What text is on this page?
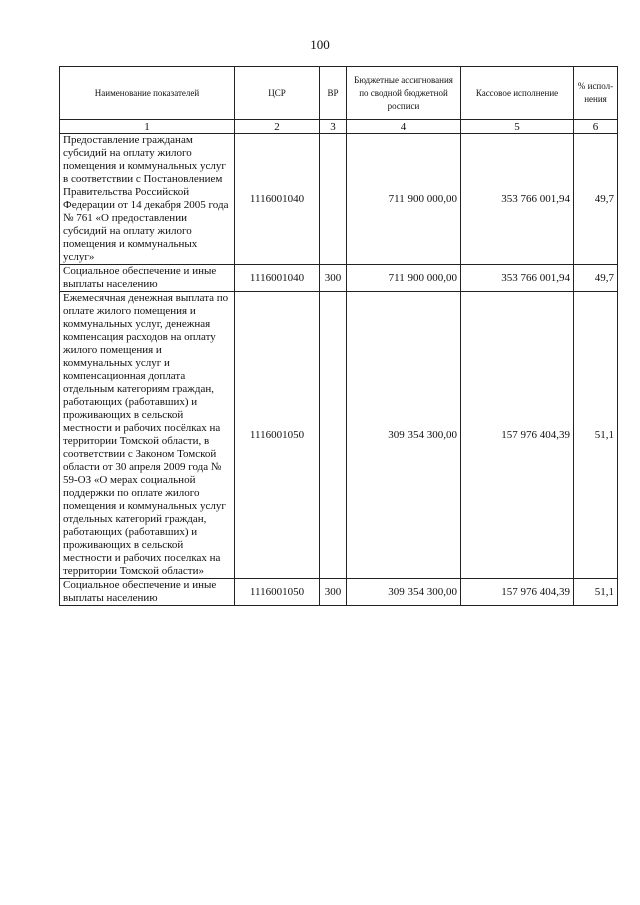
100
Наименование показателей	ЦСР	ВР	Бюджетные ассигнования по сводной бюджетной росписи	Кассовое исполнение	% испол-нения
1	2	3	4	5	6
Предоставление гражданам субсидий на оплату жилого помещения и коммунальных услуг в соответствии с Постановлением Правительства Российской Федерации от 14 декабря 2005 года № 761 «О предоставлении субсидий на оплату жилого помещения и коммунальных услуг»	1116001040		711 900 000,00	353 766 001,94	49,7
Социальное обеспечение и иные выплаты населению	1116001040	300	711 900 000,00	353 766 001,94	49,7
Ежемесячная денежная выплата по оплате жилого помещения и коммунальных услуг, денежная компенсация расходов на оплату жилого помещения и коммунальных услуг и компенсационная доплата отдельным категориям граждан, работающих (работавших) и проживающих в сельской местности и рабочих посёлках на территории Томской области, в соответствии с Законом Томской области от 30 апреля 2009 года № 59-ОЗ «О мерах социальной поддержки по оплате жилого помещения и коммунальных услуг отдельных категорий граждан, работающих (работавших) и проживающих в сельской местности и рабочих поселках на территории Томской области»	1116001050		309 354 300,00	157 976 404,39	51,1
Социальное обеспечение и иные выплаты населению	1116001050	300	309 354 300,00	157 976 404,39	51,1
